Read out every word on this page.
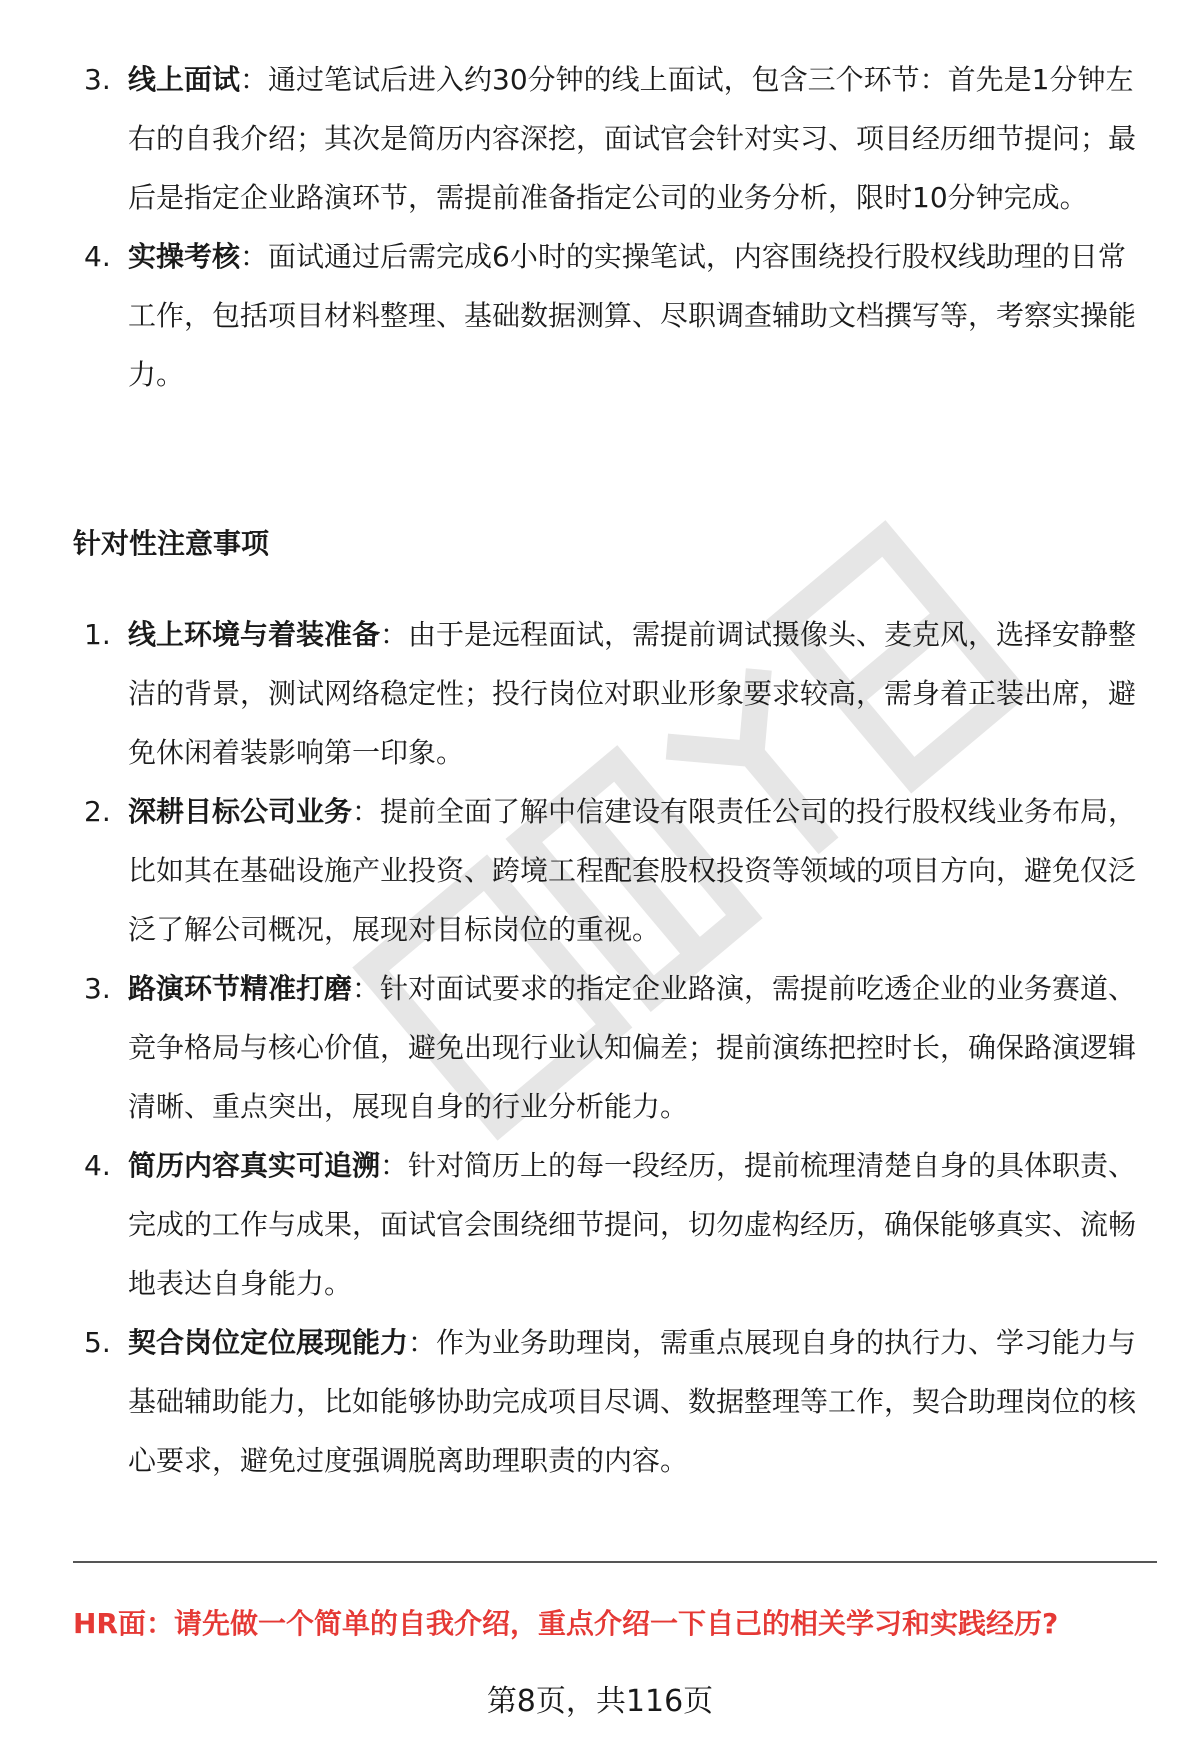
3. 线上面试：通过笔试后进入约30分钟的线上面试，包含三个环节：首先是1分钟左右的自我介绍；其次是简历内容深挖，面试官会针对实习、项目经历细节提问；最后是指定企业路演环节，需提前准备指定公司的业务分析，限时10分钟完成。
4. 实操考核：面试通过后需完成6小时的实操笔试，内容围绕投行股权线助理的日常工作，包括项目材料整理、基础数据测算、尽职调查辅助文档撰写等，考察实操能力。
针对性注意事项
1. 线上环境与着装准备：由于是远程面试，需提前调试摄像头、麦克风，选择安静整洁的背景，测试网络稳定性；投行岗位对职业形象要求较高，需身着正装出席，避免休闲着装影响第一印象。
2. 深耕目标公司业务：提前全面了解中信建设有限责任公司的投行股权线业务布局，比如其在基础设施产业投资、跨境工程配套股权投资等领域的项目方向，避免仅泛泛了解公司概况，展现对目标岗位的重视。
3. 路演环节精准打磨：针对面试要求的指定企业路演，需提前吃透企业的业务赛道、竞争格局与核心价值，避免出现行业认知偏差；提前演练把控时长，确保路演逻辑清晰、重点突出，展现自身的行业分析能力。
4. 简历内容真实可追溯：针对简历上的每一段经历，提前梳理清楚自身的具体职责、完成的工作与成果，面试官会围绕细节提问，切勿虚构经历，确保能够真实、流畅地表达自身能力。
5. 契合岗位定位展现能力：作为业务助理岗，需重点展现自身的执行力、学习能力与基础辅助能力，比如能够协助完成项目尽调、数据整理等工作，契合助理岗位的核心要求，避免过度强调脱离助理职责的内容。
HR面：请先做一个简单的自我介绍，重点介绍一下自己的相关学习和实践经历?
第8页，共116页
